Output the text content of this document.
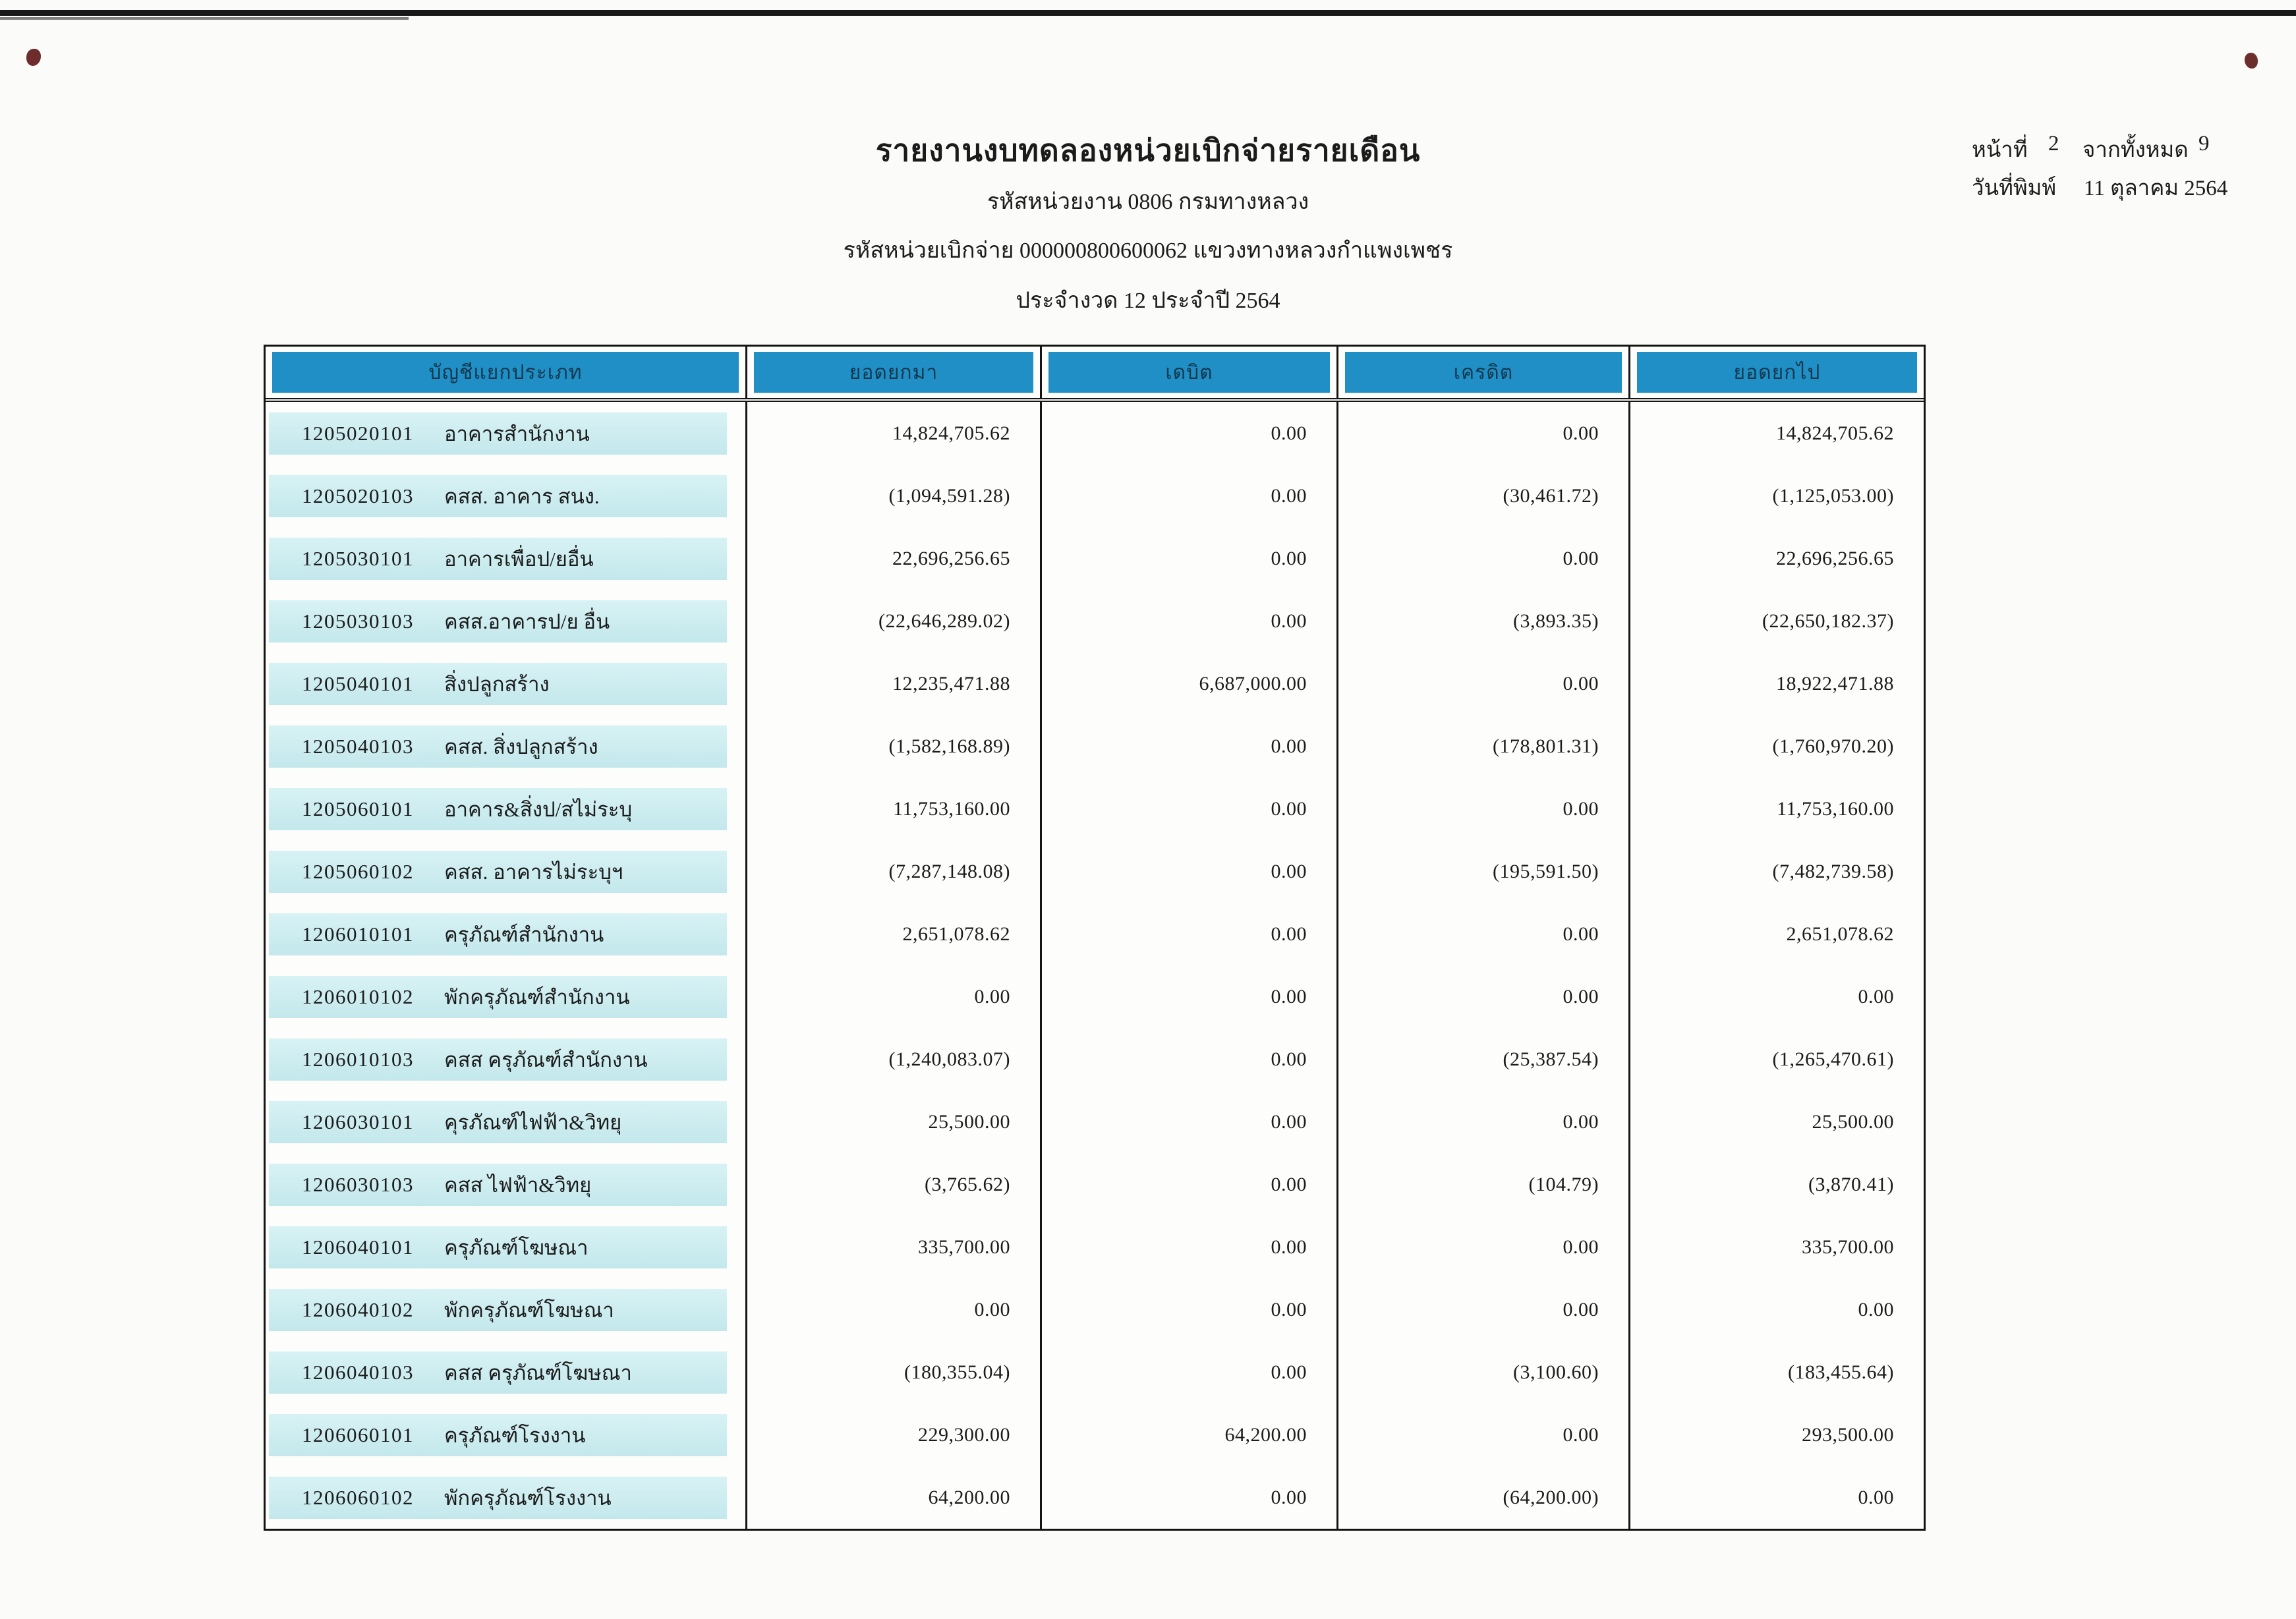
รายงานงบทดลองหน่วยเบิกจ่ายรายเดือน
รหัสหน่วยงาน 0806 กรมทางหลวง
รหัสหน่วยเบิกจ่าย 000000800600062 แขวงทางหลวงกำแพงเพชร
ประจำงวด 12 ประจำปี 2564
หน้าที่ 2 จากทั้งหมด 9
วันที่พิมพ์ 11 ตุลาคม 2564
บัญชีแยกประเภท	ยอดยกมา	เดบิต	เครดิต	ยอดยกไป
1205020101 อาคารสำนักงาน	14,824,705.62	0.00	0.00	14,824,705.62
1205020103 คสส. อาคาร สนง.	(1,094,591.28)	0.00	(30,461.72)	(1,125,053.00)
1205030101 อาคารเพื่อป/ยอื่น	22,696,256.65	0.00	0.00	22,696,256.65
1205030103 คสส.อาคารป/ย อื่น	(22,646,289.02)	0.00	(3,893.35)	(22,650,182.37)
1205040101 สิ่งปลูกสร้าง	12,235,471.88	6,687,000.00	0.00	18,922,471.88
1205040103 คสส. สิ่งปลูกสร้าง	(1,582,168.89)	0.00	(178,801.31)	(1,760,970.20)
1205060101 อาคาร&สิ่งป/สไม่ระบุ	11,753,160.00	0.00	0.00	11,753,160.00
1205060102 คสส. อาคารไม่ระบุฯ	(7,287,148.08)	0.00	(195,591.50)	(7,482,739.58)
1206010101 ครุภัณฑ์สำนักงาน	2,651,078.62	0.00	0.00	2,651,078.62
1206010102 พักครุภัณฑ์สำนักงาน	0.00	0.00	0.00	0.00
1206010103 คสส ครุภัณฑ์สำนักงาน	(1,240,083.07)	0.00	(25,387.54)	(1,265,470.61)
1206030101 คุรภัณฑ์ไฟฟ้า&วิทยุ	25,500.00	0.00	0.00	25,500.00
1206030103 คสส ไฟฟ้า&วิทยุ	(3,765.62)	0.00	(104.79)	(3,870.41)
1206040101 ครุภัณฑ์โฆษณา	335,700.00	0.00	0.00	335,700.00
1206040102 พักครุภัณฑ์โฆษณา	0.00	0.00	0.00	0.00
1206040103 คสส ครุภัณฑ์โฆษณา	(180,355.04)	0.00	(3,100.60)	(183,455.64)
1206060101 ครุภัณฑ์โรงงาน	229,300.00	64,200.00	0.00	293,500.00
1206060102 พักครุภัณฑ์โรงงาน	64,200.00	0.00	(64,200.00)	0.00
